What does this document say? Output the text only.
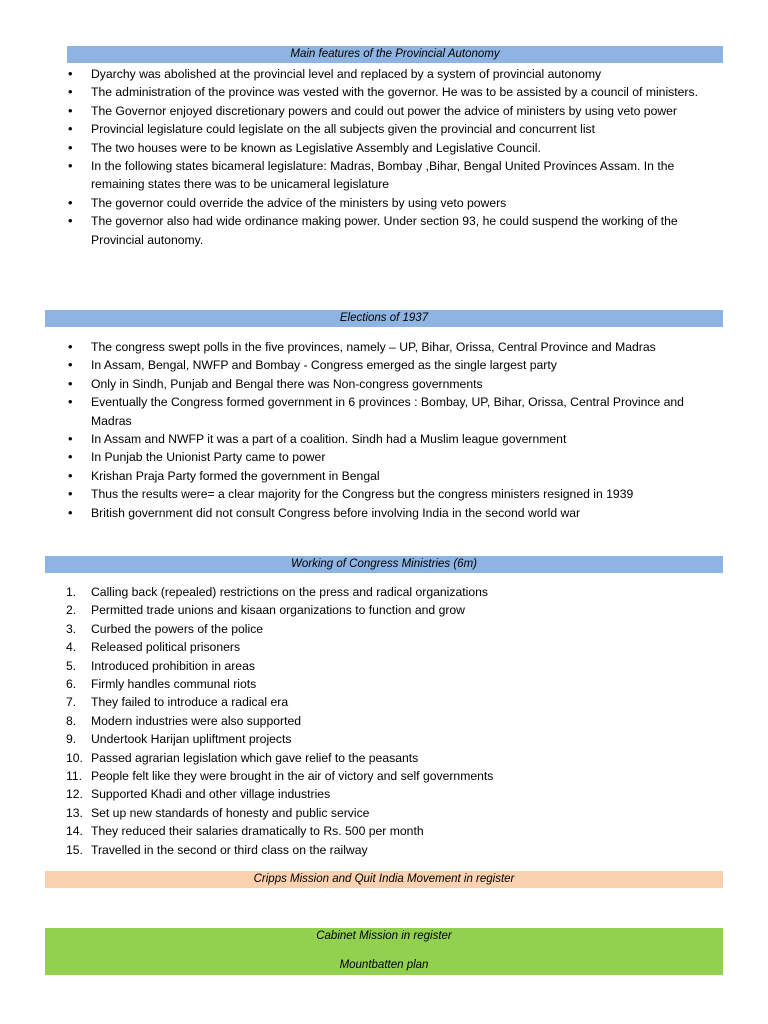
Main features of the Provincial Autonomy
• Dyarchy was abolished at the provincial level and replaced by a system of provincial autonomy
• The administration of the province was vested with the governor. He was to be assisted by a council of ministers.
• The Governor enjoyed discretionary powers and could out power the advice of ministers by using veto power
• Provincial legislature could legislate on the all subjects given the provincial and concurrent list
• The two houses were to be known as Legislative Assembly and Legislative Council.
• In the following states bicameral legislature: Madras, Bombay ,Bihar, Bengal United Provinces Assam. In the remaining states there was to be unicameral legislature
• The governor could override the advice of the ministers by using veto powers
• The governor also had wide ordinance making power. Under section 93, he could suspend the working of the Provincial autonomy.
Elections of 1937
• The congress swept polls in the five provinces, namely – UP, Bihar, Orissa, Central Province and Madras
• In Assam, Bengal, NWFP and Bombay - Congress emerged as the single largest party
• Only in Sindh, Punjab and Bengal there was Non-congress governments
• Eventually the Congress formed government in 6 provinces : Bombay, UP, Bihar, Orissa, Central Province and Madras
• In Assam and NWFP it was a part of a coalition. Sindh had a Muslim league government
• In Punjab the Unionist Party came to power
• Krishan Praja Party formed the government in Bengal
• Thus the results were= a clear majority for the Congress but the congress ministers resigned in 1939
• British government did not consult Congress before involving India in the second world war
Working of Congress Ministries (6m)
1. Calling back (repealed) restrictions on the press and radical organizations
2. Permitted trade unions and kisaan organizations to function and grow
3. Curbed the powers of the police
4. Released political prisoners
5. Introduced prohibition in areas
6. Firmly handles communal riots
7. They failed to introduce a radical era
8. Modern industries were also supported
9. Undertook Harijan upliftment projects
10. Passed agrarian legislation which gave relief to the peasants
11. People felt like they were brought in the air of victory and self governments
12. Supported Khadi and other village industries
13. Set up new standards of honesty and public service
14. They reduced their salaries dramatically to Rs. 500 per month
15. Travelled in the second or third class on the railway
Cripps Mission and Quit India Movement in register
Cabinet Mission in register
Mountbatten plan
